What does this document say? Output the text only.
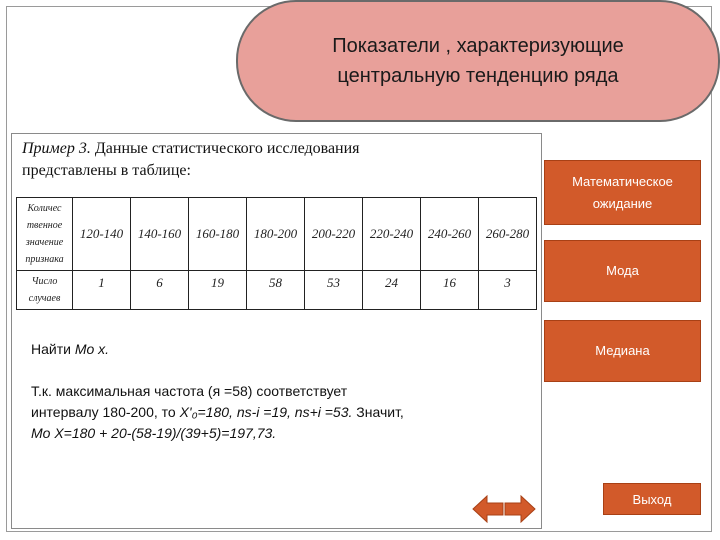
Показатели , характеризующие
центральную тенденцию ряда
Пример 3. Данные статистического исследования
представлены в таблице:
Количес твенное значение признака	120-140	140-160	160-180	180-200	200-220	220-240	240-260	260-280
Число случаев	1	6	19	58	53	24	16	3
Найти Mo x.
Т.к. максимальная частота (я =58) соответствует
интервалу 180-200, то X'₀=180, ns-i =19, ns+i =53. Значит,
Mo X=180 + 20-(58-19)/(39+5)=197,73.
Математическое
ожидание
Мода
Медиана
Выход
